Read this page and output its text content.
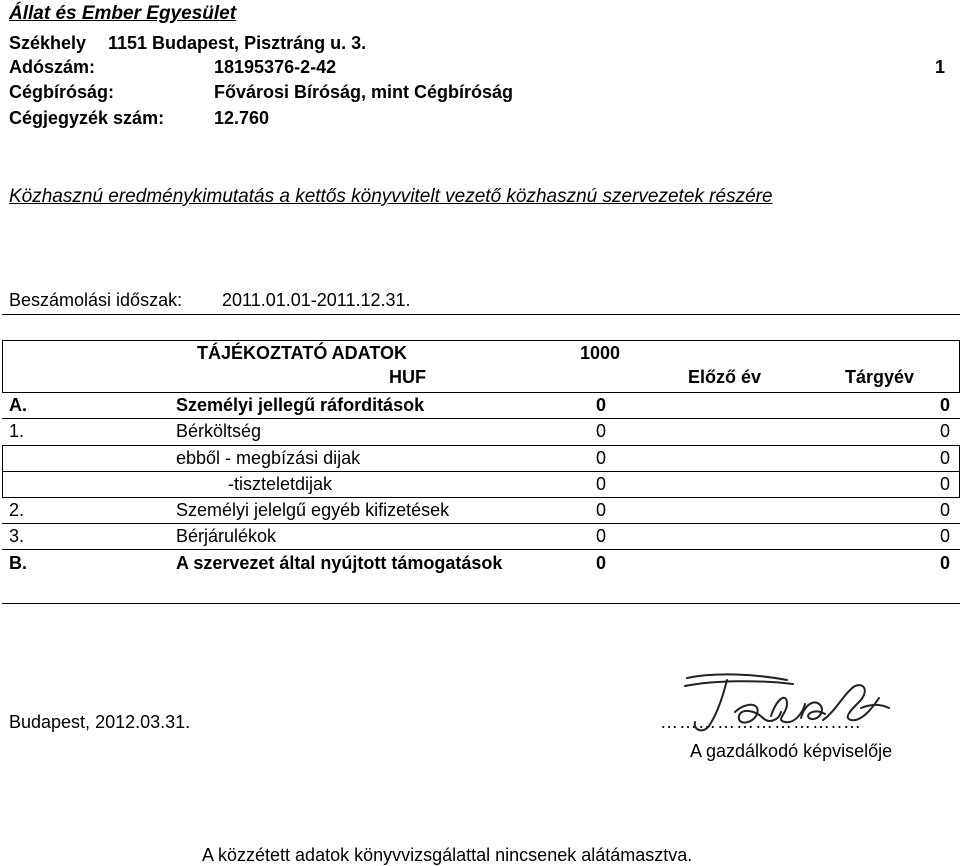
Állat és Ember Egyesület
Székhely 1151 Budapest, Pisztráng u. 3.
Adószám:	18195376-2-42	1
Cégbíróság:	Fővárosi Bíróság, mint Cégbíróság
Cégjegyzék szám:	12.760
Közhasznú eredménykimutatás a kettős könyvvitelt vezető közhasznú szervezetek részére
Beszámolási időszak: 2011.01.01-2011.12.31.
TÁJÉKOZTATÓ ADATOK	1000
HUF	Előző év	Tárgyév
A.	Személyi jellegű ráforditások	0	0
1.	Bérköltség	0	0
ebből - megbízási dijak	0	0
-tiszteletdijak	0	0
2.	Személyi jelelgű egyéb kifizetések	0	0
3.	Bérjárulékok	0	0
B.	A szervezet által nyújtott támogatások	0	0
Budapest, 2012.03.31.	………………………..…
A gazdálkodó képviselője
A közzétett adatok könyvvizsgálattal nincsenek alátámasztva.
